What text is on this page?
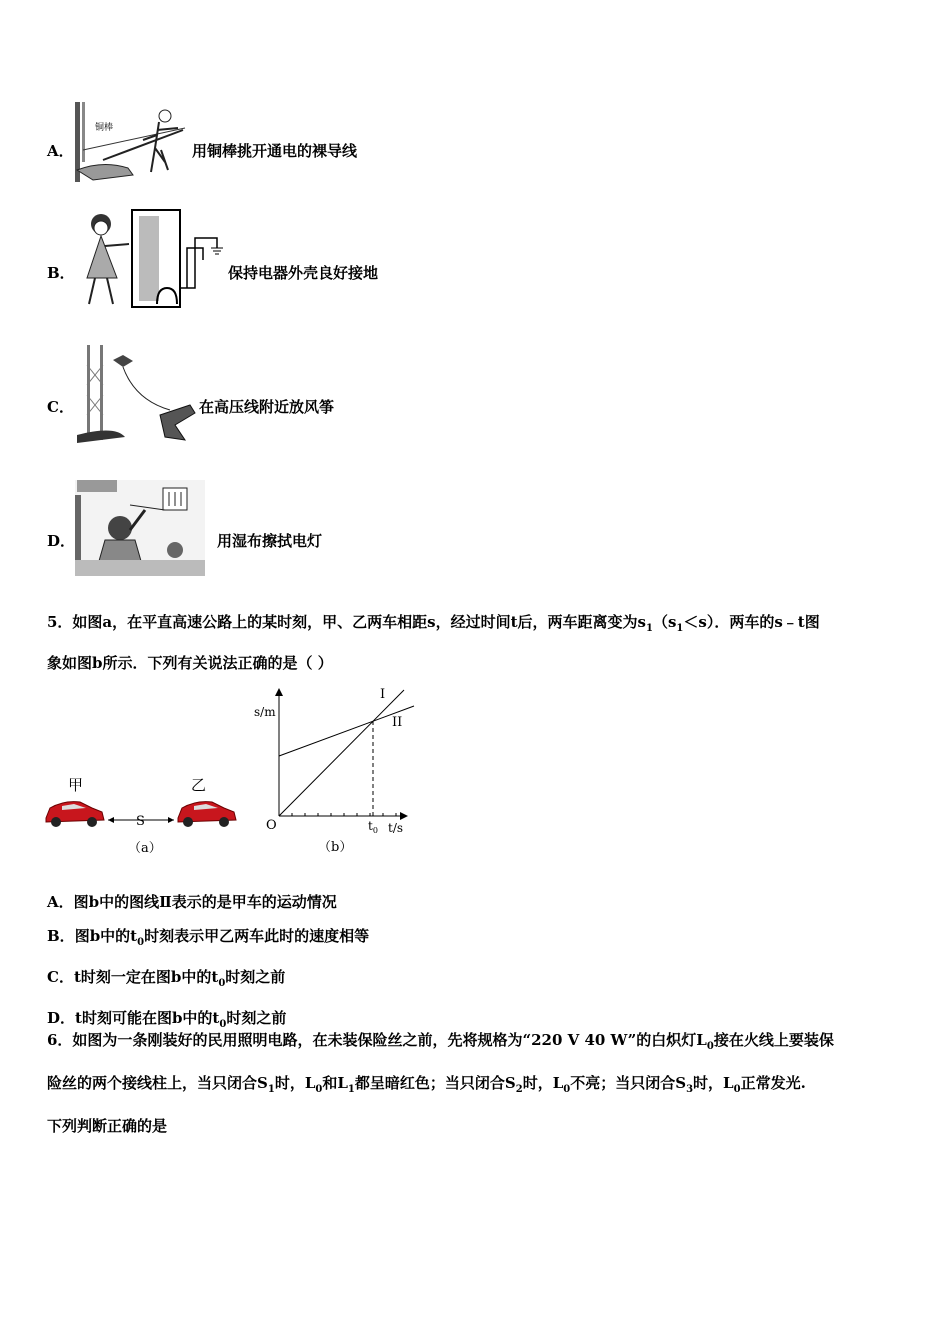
A．
铜棒
用铜棒挑开通电的裸导线
B．	保持电器外壳良好接地
C．	在高压线附近放风筝
D．	用湿布擦拭电灯
5．如图a，在平直高速公路上的某时刻，甲、乙两车相距s，经过时间t后，两车距离变为$s_1(s_1<s)$．两车的s﹣t图
象如图b所示．下列有关说法正确的是（ ）
甲	乙
S
（a）
s/m
O	$t_0$ t/s
I
II
（b）
A．图b中的图线Ⅱ表示的是甲车的运动情况
B．图b中的$t_0$时刻表示甲乙两车此时的速度相等
C．t时刻一定在图b中的$t_0$时刻之前
D．t时刻可能在图b中的$t_0$时刻之前
6．如图为一条刚装好的民用照明电路，在未装保险丝之前，先将规格为“220 V 40 W”的白炽灯$L_0$接在火线上要装保
险丝的两个接线柱上，当只闭合$S_1$时，$L_0$和$L_1$都呈暗红色；当只闭合$S_2$时，$L_0$不亮；当只闭合$S_3$时，$L_0$正常发光.
下列判断正确的是
